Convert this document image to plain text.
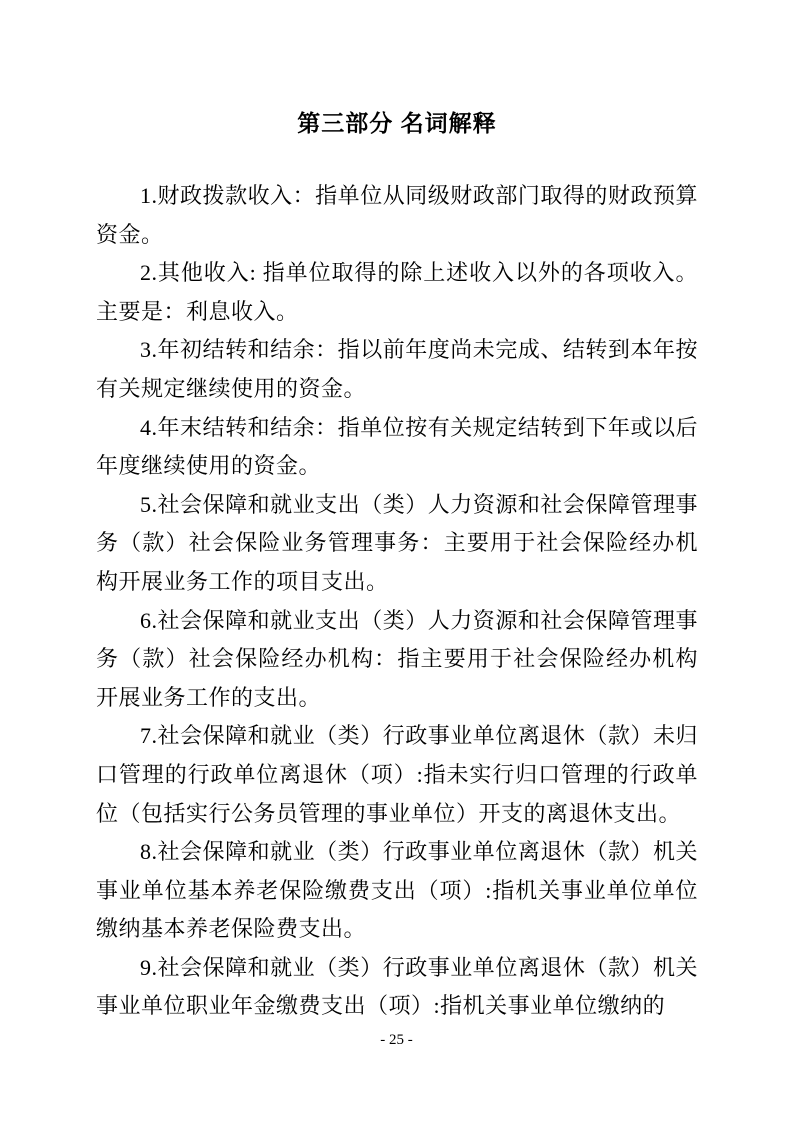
第三部分 名词解释

1.财政拨款收入：指单位从同级财政部门取得的财政预算资金。

2.其他收入: 指单位取得的除上述收入以外的各项收入。主要是：利息收入。

3.年初结转和结余：指以前年度尚未完成、结转到本年按有关规定继续使用的资金。

4.年末结转和结余：指单位按有关规定结转到下年或以后年度继续使用的资金。

5.社会保障和就业支出（类）人力资源和社会保障管理事务（款）社会保险业务管理事务：主要用于社会保险经办机构开展业务工作的项目支出。

6.社会保障和就业支出（类）人力资源和社会保障管理事务（款）社会保险经办机构：指主要用于社会保险经办机构开展业务工作的支出。

7.社会保障和就业（类）行政事业单位离退休（款）未归口管理的行政单位离退休（项）:指未实行归口管理的行政单位（包括实行公务员管理的事业单位）开支的离退休支出。

8.社会保障和就业（类）行政事业单位离退休（款）机关事业单位基本养老保险缴费支出（项）:指机关事业单位单位缴纳基本养老保险费支出。

9.社会保障和就业（类）行政事业单位离退休（款）机关事业单位职业年金缴费支出（项）:指机关事业单位缴纳的

- 25 -
